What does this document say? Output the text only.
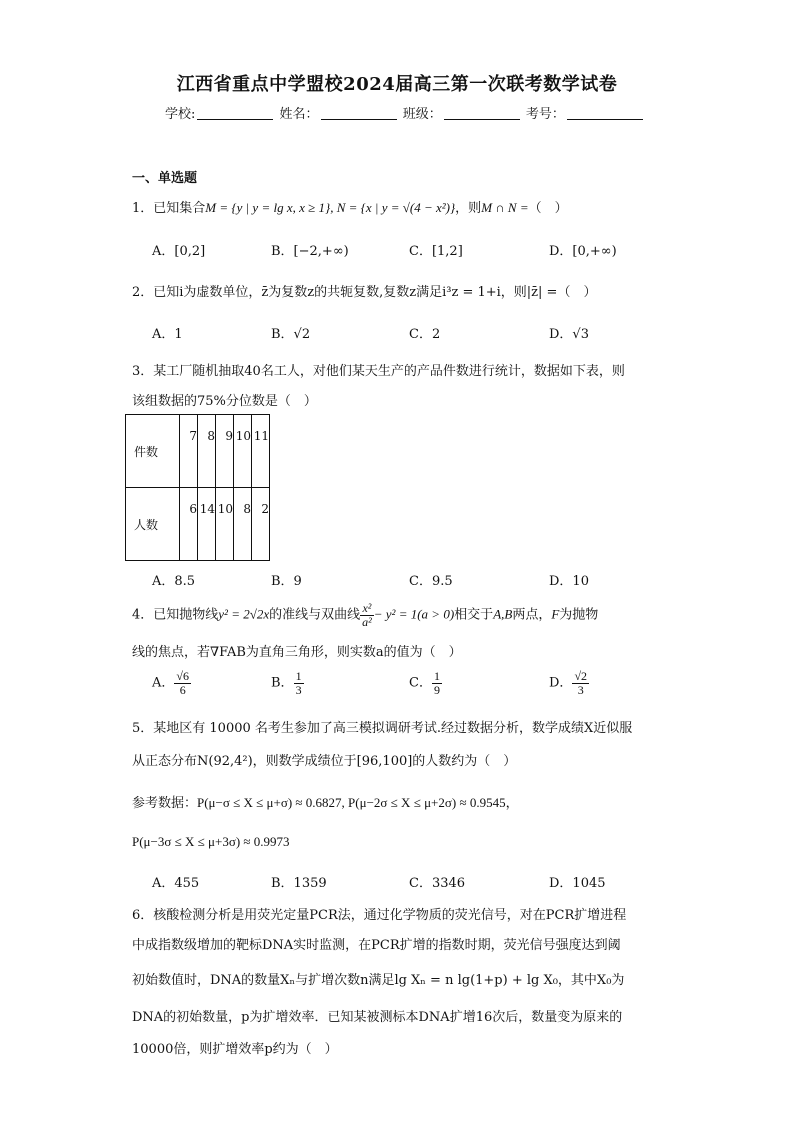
江西省重点中学盟校2024届高三第一次联考数学试卷
学校:	姓名：	班级：	考号：
一、单选题
1．已知集合M = {y | y = lg x, x ≥ 1}, N = {x | y = √(4 − x²)}，则M ∩ N =（　）
A．[0,2]	B．[−2,+∞)	C．[1,2]	D．[0,+∞)
2．已知i为虚数单位，z̄为复数z的共轭复数,复数z满足i³z = 1+i，则|z̄| =（　）
A．1	B．√2	C．2	D．√3
3．某工厂随机抽取40名工人，对他们某天生产的产品件数进行统计，数据如下表，则
该组数据的75%分位数是（　）
件数	7	8	9	10	11
人数	6	14	10	8	2
A．8.5	B．9	C．9.5	D．10
4．已知抛物线y² = 2√2x的准线与双曲线 $\frac{\text{x²}}{\text{a²}} - y^2 = 1(a > 0)$相交于A,B两点，F为抛物
线的焦点，若∇FAB为直角三角形，则实数a的值为（　）
A． $\frac{√6}{6}$	B． $\frac{1}{3}$	C． $\frac{1}{9}$	D． $\frac{√2}{3}$
5．某地区有 10000 名考生参加了高三模拟调研考试.经过数据分析，数学成绩X近似服
从正态分布N(92,4²)，则数学成绩位于[96,100]的人数约为（　）
参考数据：P(μ−σ ≤ X ≤ μ+σ) ≈ 0.6827, P(μ−2σ ≤ X ≤ μ+2σ) ≈ 0.9545，
P(μ−3σ ≤ X ≤ μ+3σ) ≈ 0.9973
A．455	B．1359	C．3346	D．1045
6．核酸检测分析是用荧光定量PCR法，通过化学物质的荧光信号，对在PCR扩增进程
中成指数级增加的靶标DNA实时监测，在PCR扩增的指数时期，荧光信号强度达到阈
初始数值时，DNA的数量Xₙ与扩增次数n满足lg Xₙ = n lg(1+p) + lg X₀，其中X₀为
DNA的初始数量，p为扩增效率．已知某被测标本DNA扩增16次后，数量变为原来的
10000倍，则扩增效率p约为（　）
